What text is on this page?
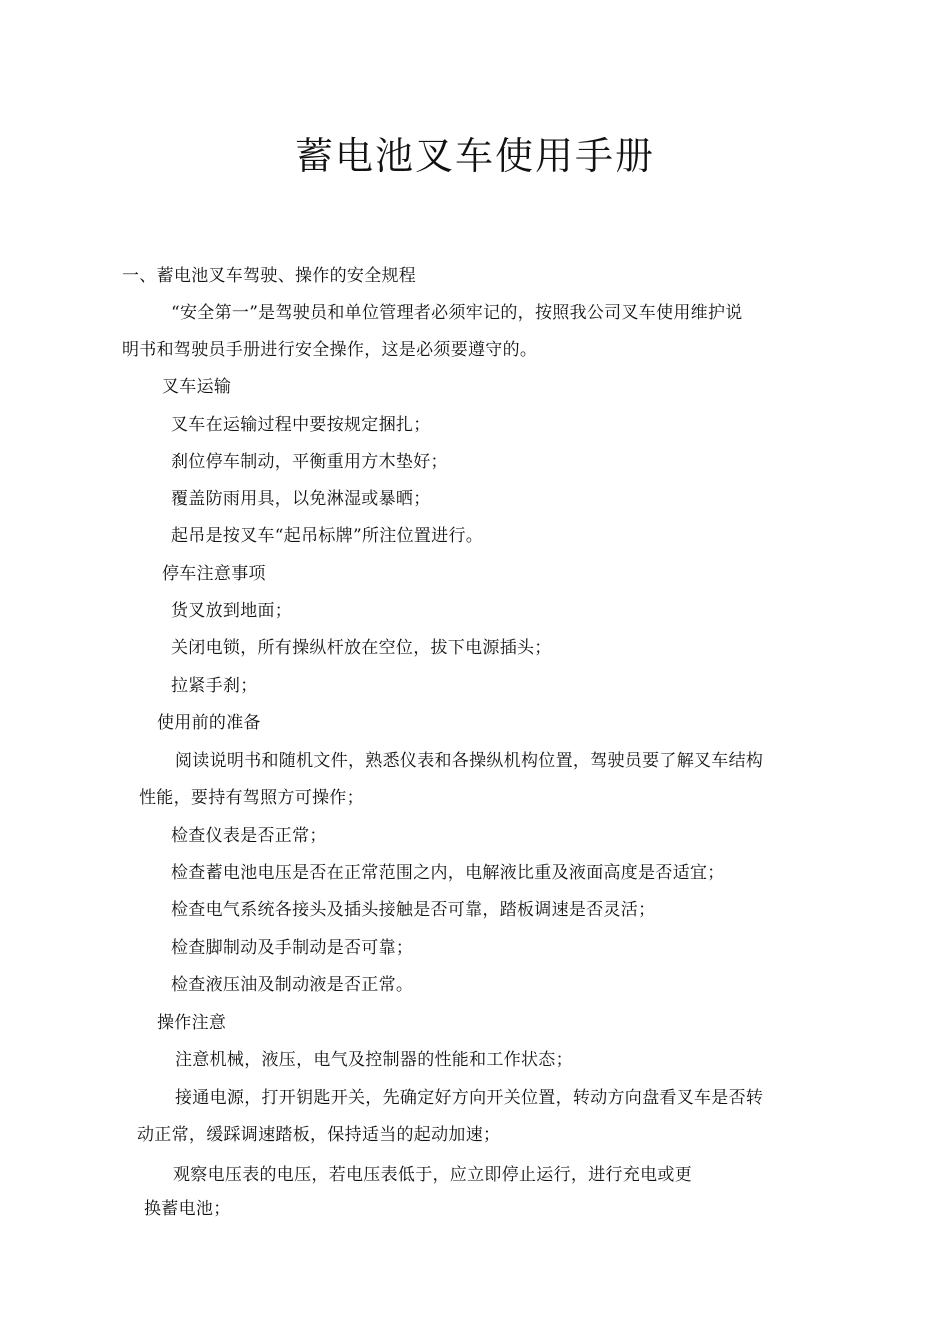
蓄电池叉车使用手册
一、蓄电池叉车驾驶、操作的安全规程
“安全第一”是驾驶员和单位管理者必须牢记的，按照我公司叉车使用维护说
明书和驾驶员手册进行安全操作，这是必须要遵守的。
叉车运输
叉车在运输过程中要按规定捆扎；
刹位停车制动，平衡重用方木垫好；
覆盖防雨用具，以免淋湿或暴晒；
起吊是按叉车“起吊标牌”所注位置进行。
停车注意事项
货叉放到地面；
关闭电锁，所有操纵杆放在空位，拔下电源插头；
拉紧手刹；
使用前的准备
阅读说明书和随机文件，熟悉仪表和各操纵机构位置，驾驶员要了解叉车结构
性能，要持有驾照方可操作；
检查仪表是否正常；
检查蓄电池电压是否在正常范围之内，电解液比重及液面高度是否适宜；
检查电气系统各接头及插头接触是否可靠，踏板调速是否灵活；
检查脚制动及手制动是否可靠；
检查液压油及制动液是否正常。
操作注意
注意机械，液压，电气及控制器的性能和工作状态；
接通电源，打开钥匙开关，先确定好方向开关位置，转动方向盘看叉车是否转
动正常，缓踩调速踏板，保持适当的起动加速；
观察电压表的电压，若电压表低于，应立即停止运行，进行充电或更
换蓄电池；
